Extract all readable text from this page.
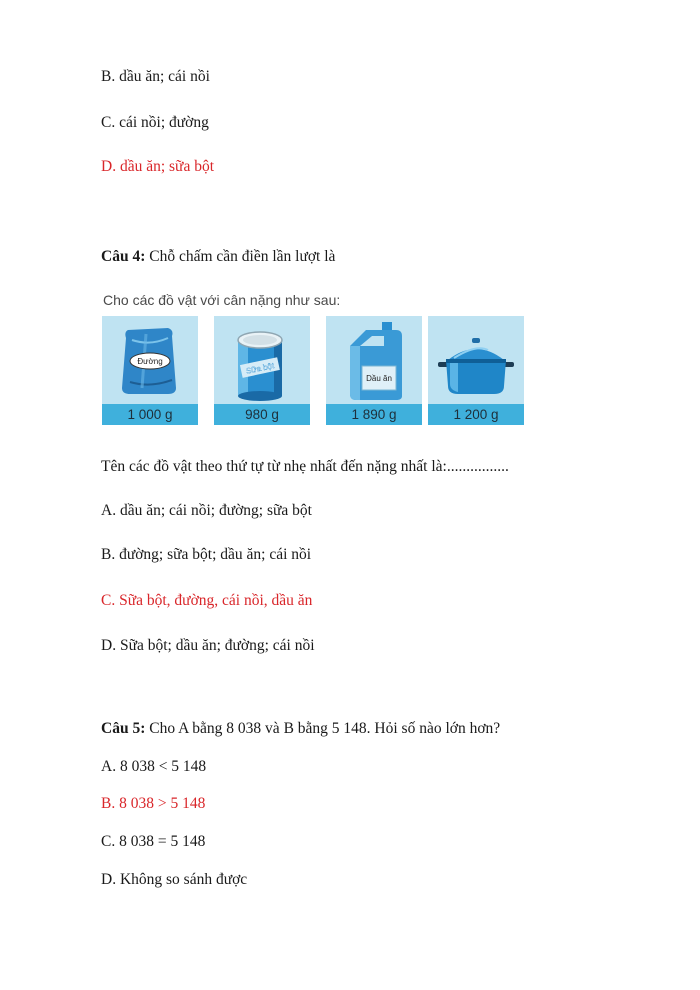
B. dầu ăn; cái nồi
C. cái nồi; đường
D. dầu ăn; sữa bột
Câu 4: Chỗ chấm cần điền lần lượt là
Cho các đồ vật với cân nặng như sau:
Đường
1 000 g
Sữa bột
980 g
Dầu ăn
1 890 g	1 200 g
Tên các đồ vật theo thứ tự từ nhẹ nhất đến nặng nhất là:................
A. dầu ăn; cái nồi; đường; sữa bột
B. đường; sữa bột; dầu ăn; cái nồi
C. Sữa bột, đường, cái nồi, dầu ăn
D. Sữa bột; dầu ăn; đường; cái nồi
Câu 5: Cho A bằng 8 038 và B bằng 5 148. Hỏi số nào lớn hơn?
A. 8 038 < 5 148
B. 8 038 > 5 148
C. 8 038 = 5 148
D. Không so sánh được
